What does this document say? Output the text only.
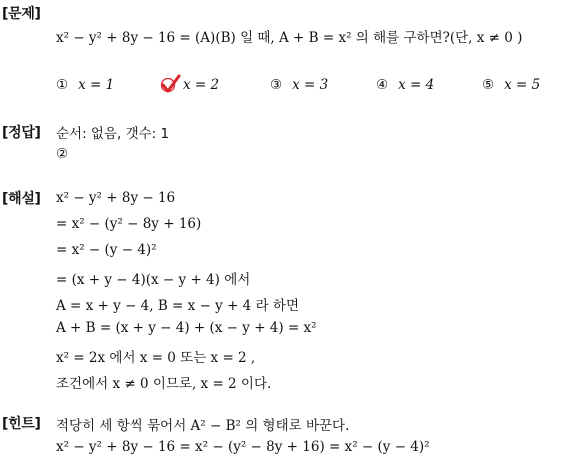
[문제]
[정답]
[해설]
[힌트]
x² − y² + 8y − 16 = (A)(B) 일 때, A + B = x² 의 해를 구하면?(단, x ≠ 0 )
① x = 1	x = 2	③ x = 3	④ x = 4	⑤ x = 5
순서: 없음, 갯수: 1
②
x² − y² + 8y − 16
= x² − (y² − 8y + 16)
= x² − (y − 4)²
= (x + y − 4)(x − y + 4) 에서
A = x + y − 4, B = x − y + 4 라 하면
A + B = (x + y − 4) + (x − y + 4) = x²
x² = 2x 에서 x = 0 또는 x = 2 ,
조건에서 x ≠ 0 이므로, x = 2 이다.
적당히 세 항씩 묶어서 A² − B² 의 형태로 바꾼다.
x² − y² + 8y − 16 = x² − (y² − 8y + 16) = x² − (y − 4)²
